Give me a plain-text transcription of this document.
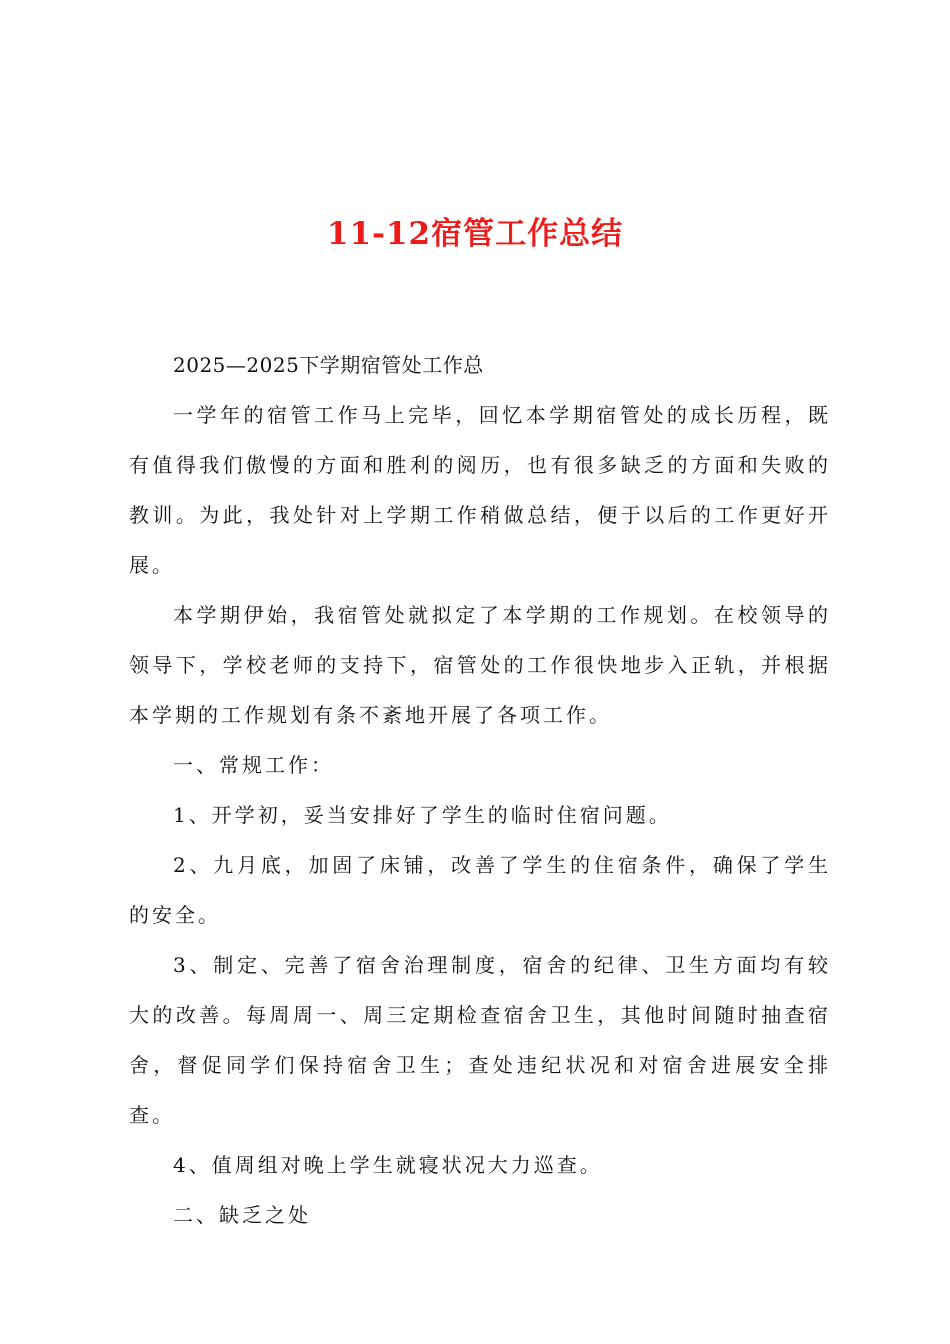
11-12宿管工作总结

2025—2025下学期宿管处工作总

一学年的宿管工作马上完毕，回忆本学期宿管处的成长历程，既有值得我们傲慢的方面和胜利的阅历，也有很多缺乏的方面和失败的教训。为此，我处针对上学期工作稍做总结，便于以后的工作更好开展。

本学期伊始，我宿管处就拟定了本学期的工作规划。在校领导的领导下，学校老师的支持下，宿管处的工作很快地步入正轨，并根据本学期的工作规划有条不紊地开展了各项工作。

一、常规工作：

1、开学初，妥当安排好了学生的临时住宿问题。

2、九月底，加固了床铺，改善了学生的住宿条件，确保了学生的安全。

3、制定、完善了宿舍治理制度，宿舍的纪律、卫生方面均有较大的改善。每周周一、周三定期检查宿舍卫生，其他时间随时抽查宿舍，督促同学们保持宿舍卫生；查处违纪状况和对宿舍进展安全排查。

4、值周组对晚上学生就寝状况大力巡查。

二、缺乏之处
